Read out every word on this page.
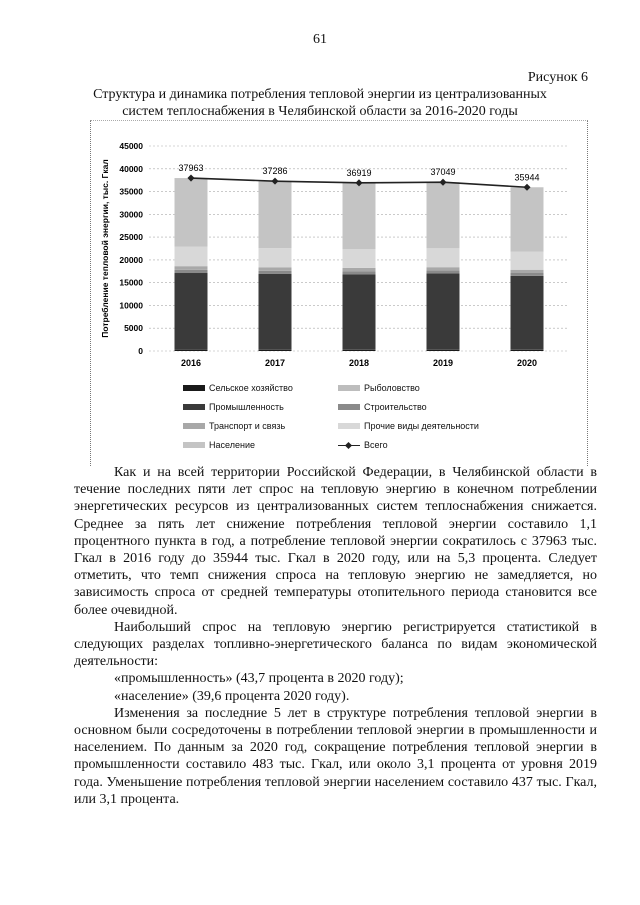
61
Рисунок 6
Структура и динамика потребления тепловой энергии из централизованных
систем теплоснабжения в Челябинской области за 2016-2020 годы
Потребление тепловой энергии, тыс. Гкал
0
5000
10000
15000
20000
25000
30000
35000
40000
45000
2016	2017	2018	2019	2020
37963	37286	36919	37049
35944
Сельское хозяйство	Рыболовство
Промышленность	Строительство
Транспорт и связь	Прочие виды деятельности
Население	Всего

Как и на всей территории Российской Федерации, в Челябинской области в течение последних пяти лет спрос на тепловую энергию в конечном потреблении энергетических ресурсов из централизованных систем теплоснабжения снижается. Среднее за пять лет снижение потребления тепловой энергии составило 1,1 процентного пункта в год, а потребление тепловой энергии сократилось с 37963 тыс. Гкал в 2016 году до 35944 тыс. Гкал в 2020 году, или на 5,3 процента. Следует отметить, что темп снижения спроса на тепловую энергию не замедляется, но зависимость спроса от средней температуры отопительного периода становится все более очевидной.

Наибольший спрос на тепловую энергию регистрируется статистикой в следующих разделах топливно-энергетического баланса по видам экономической деятельности:

«промышленность» (43,7 процента в 2020 году);

«население» (39,6 процента 2020 году).

Изменения за последние 5 лет в структуре потребления тепловой энергии в основном были сосредоточены в потреблении тепловой энергии в промышленности и населением. По данным за 2020 год, сокращение потребления тепловой энергии в промышленности составило 483 тыс. Гкал, или около 3,1 процента от уровня 2019 года. Уменьшение потребления тепловой энергии населением составило 437 тыс. Гкал, или 3,1 процента.
